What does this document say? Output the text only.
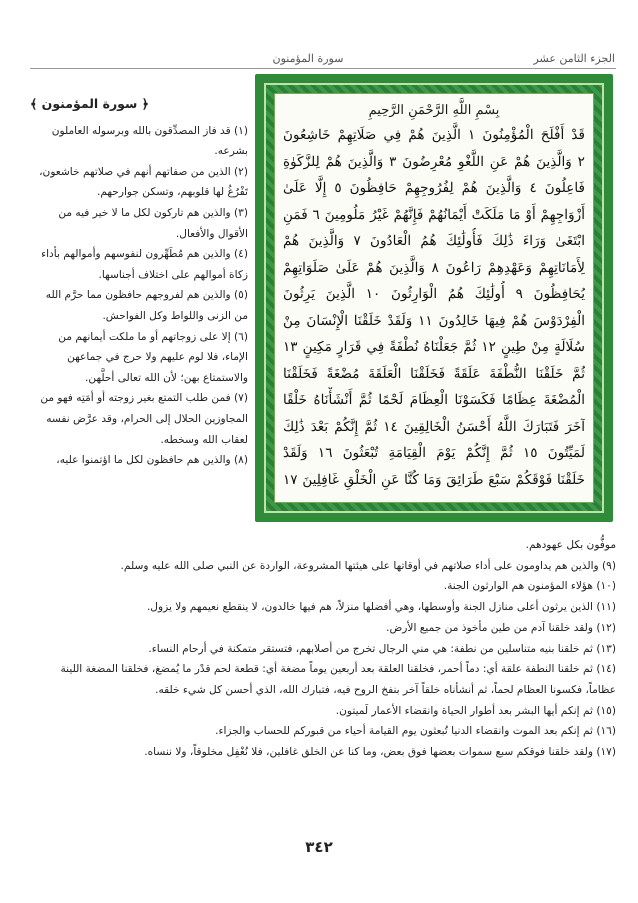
الجزء الثامن عشر
سورة المؤمنون
بِسْمِ اللَّهِ الرَّحْمَنِ الرَّحِيمِ
قَدْ أَفْلَحَ الْمُؤْمِنُونَ ١ الَّذِينَ هُمْ فِي صَلَاتِهِمْ خَاشِعُونَ
٢ وَالَّذِينَ هُمْ عَنِ اللَّغْوِ مُعْرِضُونَ ٣ وَالَّذِينَ هُمْ لِلزَّكَوٰةِ
فَاعِلُونَ ٤ وَالَّذِينَ هُمْ لِفُرُوجِهِمْ حَافِظُونَ ٥ إِلَّا عَلَىٰ
أَزْوَاجِهِمْ أَوْ مَا مَلَكَتْ أَيْمَانُهُمْ فَإِنَّهُمْ غَيْرُ مَلُومِينَ ٦ فَمَنِ
ابْتَغَىٰ وَرَاءَ ذَٰلِكَ فَأُولَٰئِكَ هُمُ الْعَادُونَ ٧ وَالَّذِينَ هُمْ
لِأَمَانَاتِهِمْ وَعَهْدِهِمْ رَاعُونَ ٨ وَالَّذِينَ هُمْ عَلَىٰ صَلَوَاتِهِمْ
يُحَافِظُونَ ٩ أُولَٰئِكَ هُمُ الْوَارِثُونَ ١٠ الَّذِينَ يَرِثُونَ
الْفِرْدَوْسَ هُمْ فِيهَا خَالِدُونَ ١١ وَلَقَدْ خَلَقْنَا الْإِنْسَانَ مِنْ
سُلَالَةٍ مِنْ طِينٍ ١٢ ثُمَّ جَعَلْنَاهُ نُطْفَةً فِي قَرَارٍ مَكِينٍ ١٣
ثُمَّ خَلَقْنَا النُّطْفَةَ عَلَقَةً فَخَلَقْنَا الْعَلَقَةَ مُضْغَةً فَخَلَقْنَا
الْمُضْغَةَ عِظَامًا فَكَسَوْنَا الْعِظَامَ لَحْمًا ثُمَّ أَنْشَأْنَاهُ خَلْقًا
آخَرَ فَتَبَارَكَ اللَّهُ أَحْسَنُ الْخَالِقِينَ ١٤ ثُمَّ إِنَّكُمْ بَعْدَ ذَٰلِكَ
لَمَيِّتُونَ ١٥ ثُمَّ إِنَّكُمْ يَوْمَ الْقِيَامَةِ تُبْعَثُونَ ١٦ وَلَقَدْ
خَلَقْنَا فَوْقَكُمْ سَبْعَ طَرَائِقَ وَمَا كُنَّا عَنِ الْخَلْقِ غَافِلِينَ ١٧
﴿ سورة المؤمنون ﴾

(١) قد فاز المصدِّقون بالله وبرسوله العاملون بشرعه.

(٢) الذين من صفاتهم أنهم في صلاتهم خاشعون، تَفْرُغُ لها قلوبهم، وتسكن جوارحهم.

(٣) والذين هم تاركون لكل ما لا خير فيه من الأقوال والأفعال.

(٤) والذين هم مُطَهِّرون لنفوسهم وأموالهم بأداء زكاة أموالهم على اختلاف أجناسها.

(٥) والذين هم لفروجهم حافظون مما حرَّم الله من الزنى واللواط وكل الفواحش.

(٦) إلا على زوجاتهم أو ما ملكت أيمانهم من الإماء، فلا لوم عليهم ولا حرج في جماعهن والاستمتاع بهن؛ لأن الله تعالى أحلَّهن.

(٧) فمن طلب التمتع بغير زوجته أو أمَتِه فهو من المجاوزين الحلال إلى الحرام، وقد عرَّض نفسه لعقاب الله وسخطه.

(٨) والذين هم حافظون لكل ما اؤتمنوا عليه،

موفُّون بكل عهودهم.

(٩) والذين هم يداومون على أداء صلاتهم في أوقاتها على هيئتها المشروعة، الواردة عن النبي صلى الله عليه وسلم.

(١٠) هؤلاء المؤمنون هم الوارثون الجنة.

(١١) الذين يرثون أعلى منازل الجنة وأوسطها، وهي أفضلها منزلاً، هم فيها خالدون، لا ينقطع نعيمهم ولا يزول.

(١٢) ولقد خلقنا آدم من طين مأخوذ من جميع الأرض.

(١٣) ثم خلقنا بنيه متناسلين من نطفة: هي مني الرجال تخرج من أصلابهم، فتستقر متمكنة في أرحام النساء.

(١٤) ثم خلقنا النطفة علقة أي: دماً أحمر، فخلقنا العلقة بعد أربعين يوماً مضغة أي: قطعة لحم قدْر ما يُمضغ، فخلقنا المضغة اللينة عظاماً، فكسونا العظام لحماً، ثم أنشأناه خلقاً آخر بنفخ الروح فيه، فتبارك الله، الذي أحسن كل شيء خلقه.

(١٥) ثم إنكم أيها البشر بعد أطوار الحياة وانقضاء الأعمار لَميتون.

(١٦) ثم إنكم بعد الموت وانقضاء الدنيا تُبعثون يوم القيامة أحياء من قبوركم للحساب والجزاء.

(١٧) ولقد خلقنا فوقكم سبع سموات بعضها فوق بعض، وما كنا عن الخلق غافلين، فلا نُغْفِل مخلوقاً، ولا ننساه.

٣٤٢
